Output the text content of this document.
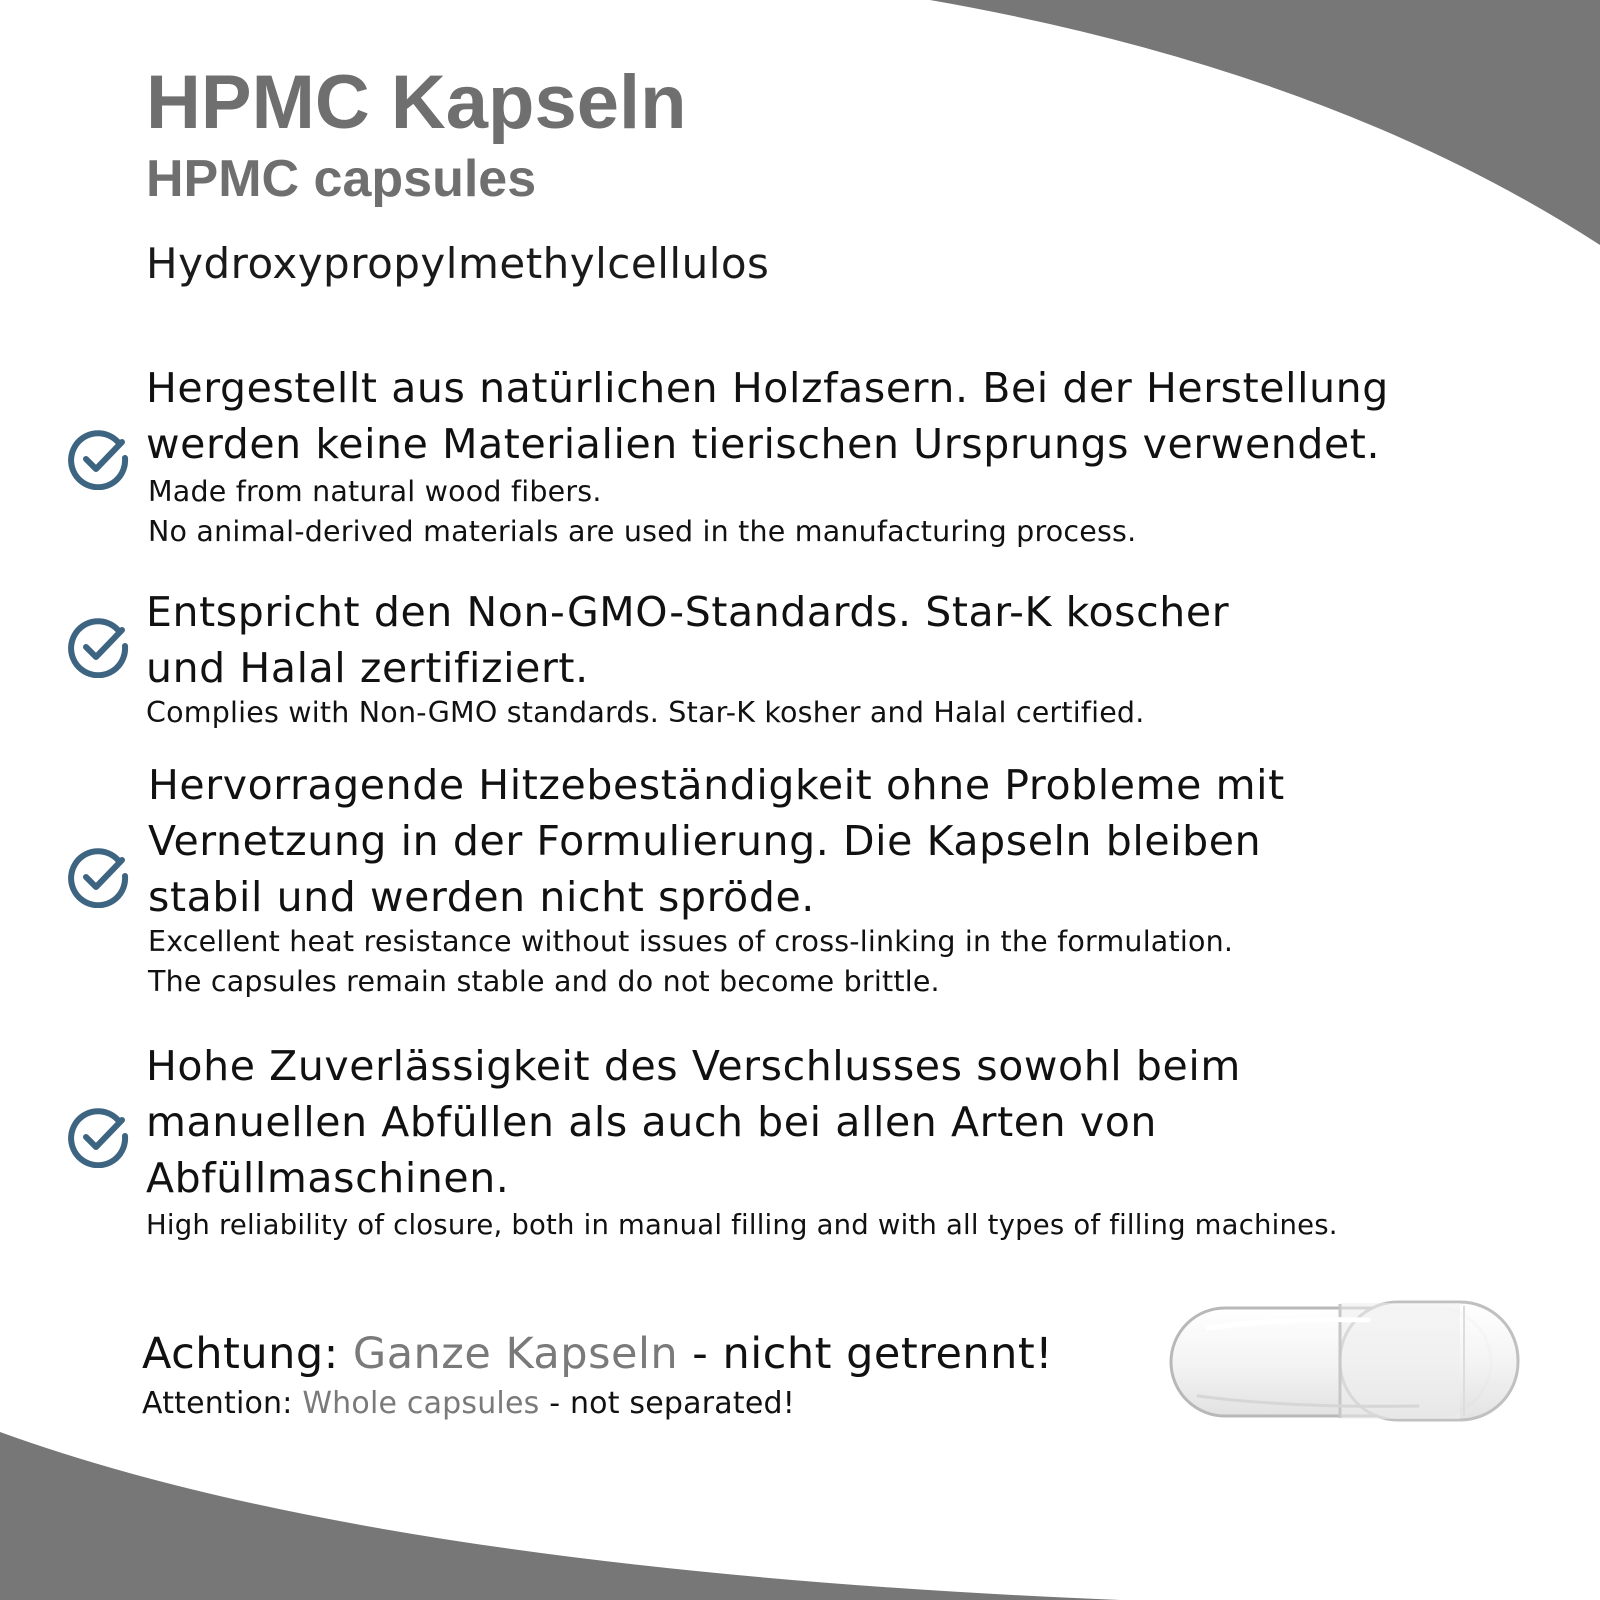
HPMC Kapseln
HPMC capsules
Hydroxypropylmethylcellulos

Hergestellt aus natürlichen Holzfasern. Bei der Herstellung
werden keine Materialien tierischen Ursprungs verwendet.

Made from natural wood fibers.
No animal-derived materials are used in the manufacturing process.

Entspricht den Non-GMO-Standards. Star-K koscher
und Halal zertifiziert.

Complies with Non-GMO standards. Star-K kosher and Halal certified.

Hervorragende Hitzebeständigkeit ohne Probleme mit
Vernetzung in der Formulierung. Die Kapseln bleiben
stabil und werden nicht spröde.

Excellent heat resistance without issues of cross-linking in the formulation.
The capsules remain stable and do not become brittle.

Hohe Zuverlässigkeit des Verschlusses sowohl beim
manuellen Abfüllen als auch bei allen Arten von
Abfüllmaschinen.

High reliability of closure, both in manual filling and with all types of filling machines.

Achtung: Ganze Kapseln - nicht getrennt!

Attention: Whole capsules - not separated!
